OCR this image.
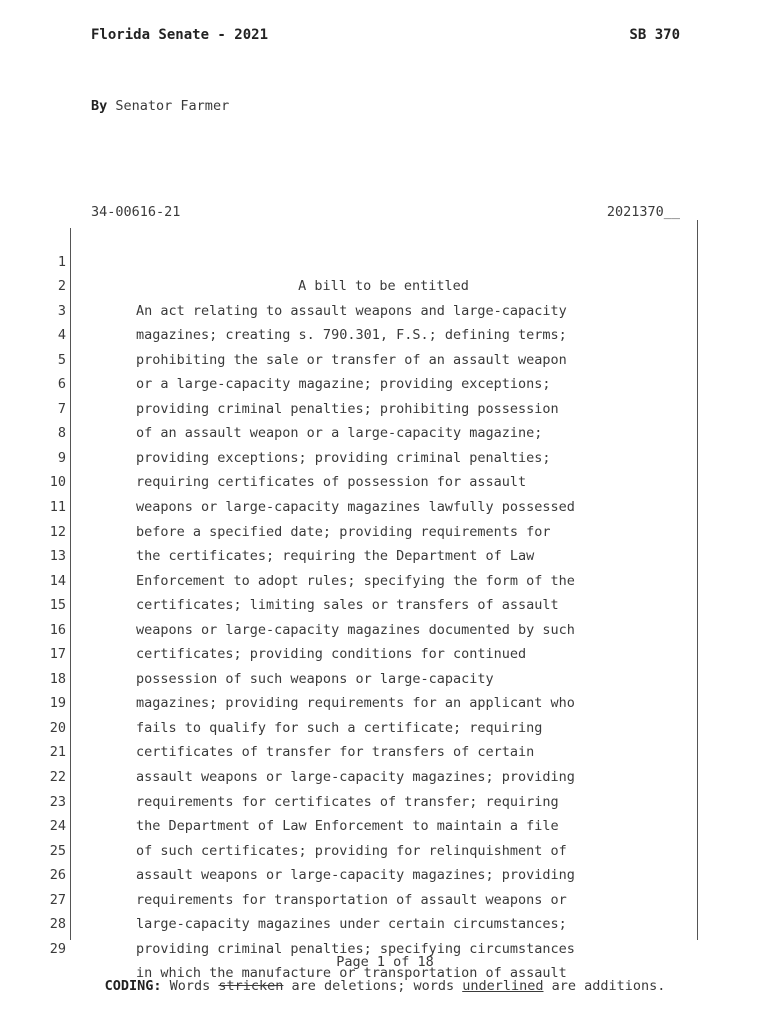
Florida Senate - 2021	SB 370
By Senator Farmer
34-00616-21	2021370__

1

A bill to be entitled

2

An act relating to assault weapons and large-capacity

3

magazines; creating s. 790.301, F.S.; defining terms;

4

prohibiting the sale or transfer of an assault weapon

5

or a large-capacity magazine; providing exceptions;

6

providing criminal penalties; prohibiting possession

7

of an assault weapon or a large-capacity magazine;

8

providing exceptions; providing criminal penalties;

9

requiring certificates of possession for assault

10

weapons or large-capacity magazines lawfully possessed

11

before a specified date; providing requirements for

12

the certificates; requiring the Department of Law

13

Enforcement to adopt rules; specifying the form of the

14

certificates; limiting sales or transfers of assault

15

weapons or large-capacity magazines documented by such

16

certificates; providing conditions for continued

17

possession of such weapons or large-capacity

18

magazines; providing requirements for an applicant who

19

fails to qualify for such a certificate; requiring

20

certificates of transfer for transfers of certain

21

assault weapons or large-capacity magazines; providing

22

requirements for certificates of transfer; requiring

23

the Department of Law Enforcement to maintain a file

24

of such certificates; providing for relinquishment of

25

assault weapons or large-capacity magazines; providing

26

requirements for transportation of assault weapons or

27

large-capacity magazines under certain circumstances;

28

providing criminal penalties; specifying circumstances

29

in which the manufacture or transportation of assault

Page 1 of 18
CODING: Words stricken are deletions; words underlined are additions.
